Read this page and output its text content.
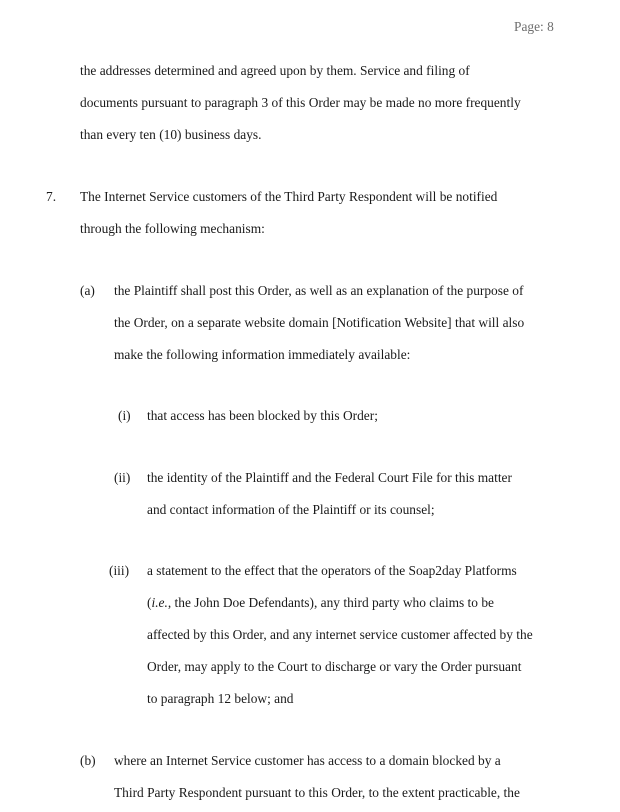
Page: 8
the addresses determined and agreed upon by them. Service and filing of
documents pursuant to paragraph 3 of this Order may be made no more frequently
than every ten (10) business days.
7. The Internet Service customers of the Third Party Respondent will be notified
through the following mechanism:
(a) the Plaintiff shall post this Order, as well as an explanation of the purpose of
the Order, on a separate website domain [Notification Website] that will also
make the following information immediately available:
(i) that access has been blocked by this Order;
(ii) the identity of the Plaintiff and the Federal Court File for this matter
and contact information of the Plaintiff or its counsel;
(iii) a statement to the effect that the operators of the Soap2day Platforms
(i.e., the John Doe Defendants), any third party who claims to be
affected by this Order, and any internet service customer affected by the
Order, may apply to the Court to discharge or vary the Order pursuant
to paragraph 12 below; and
(b) where an Internet Service customer has access to a domain blocked by a
Third Party Respondent pursuant to this Order, to the extent practicable, the
